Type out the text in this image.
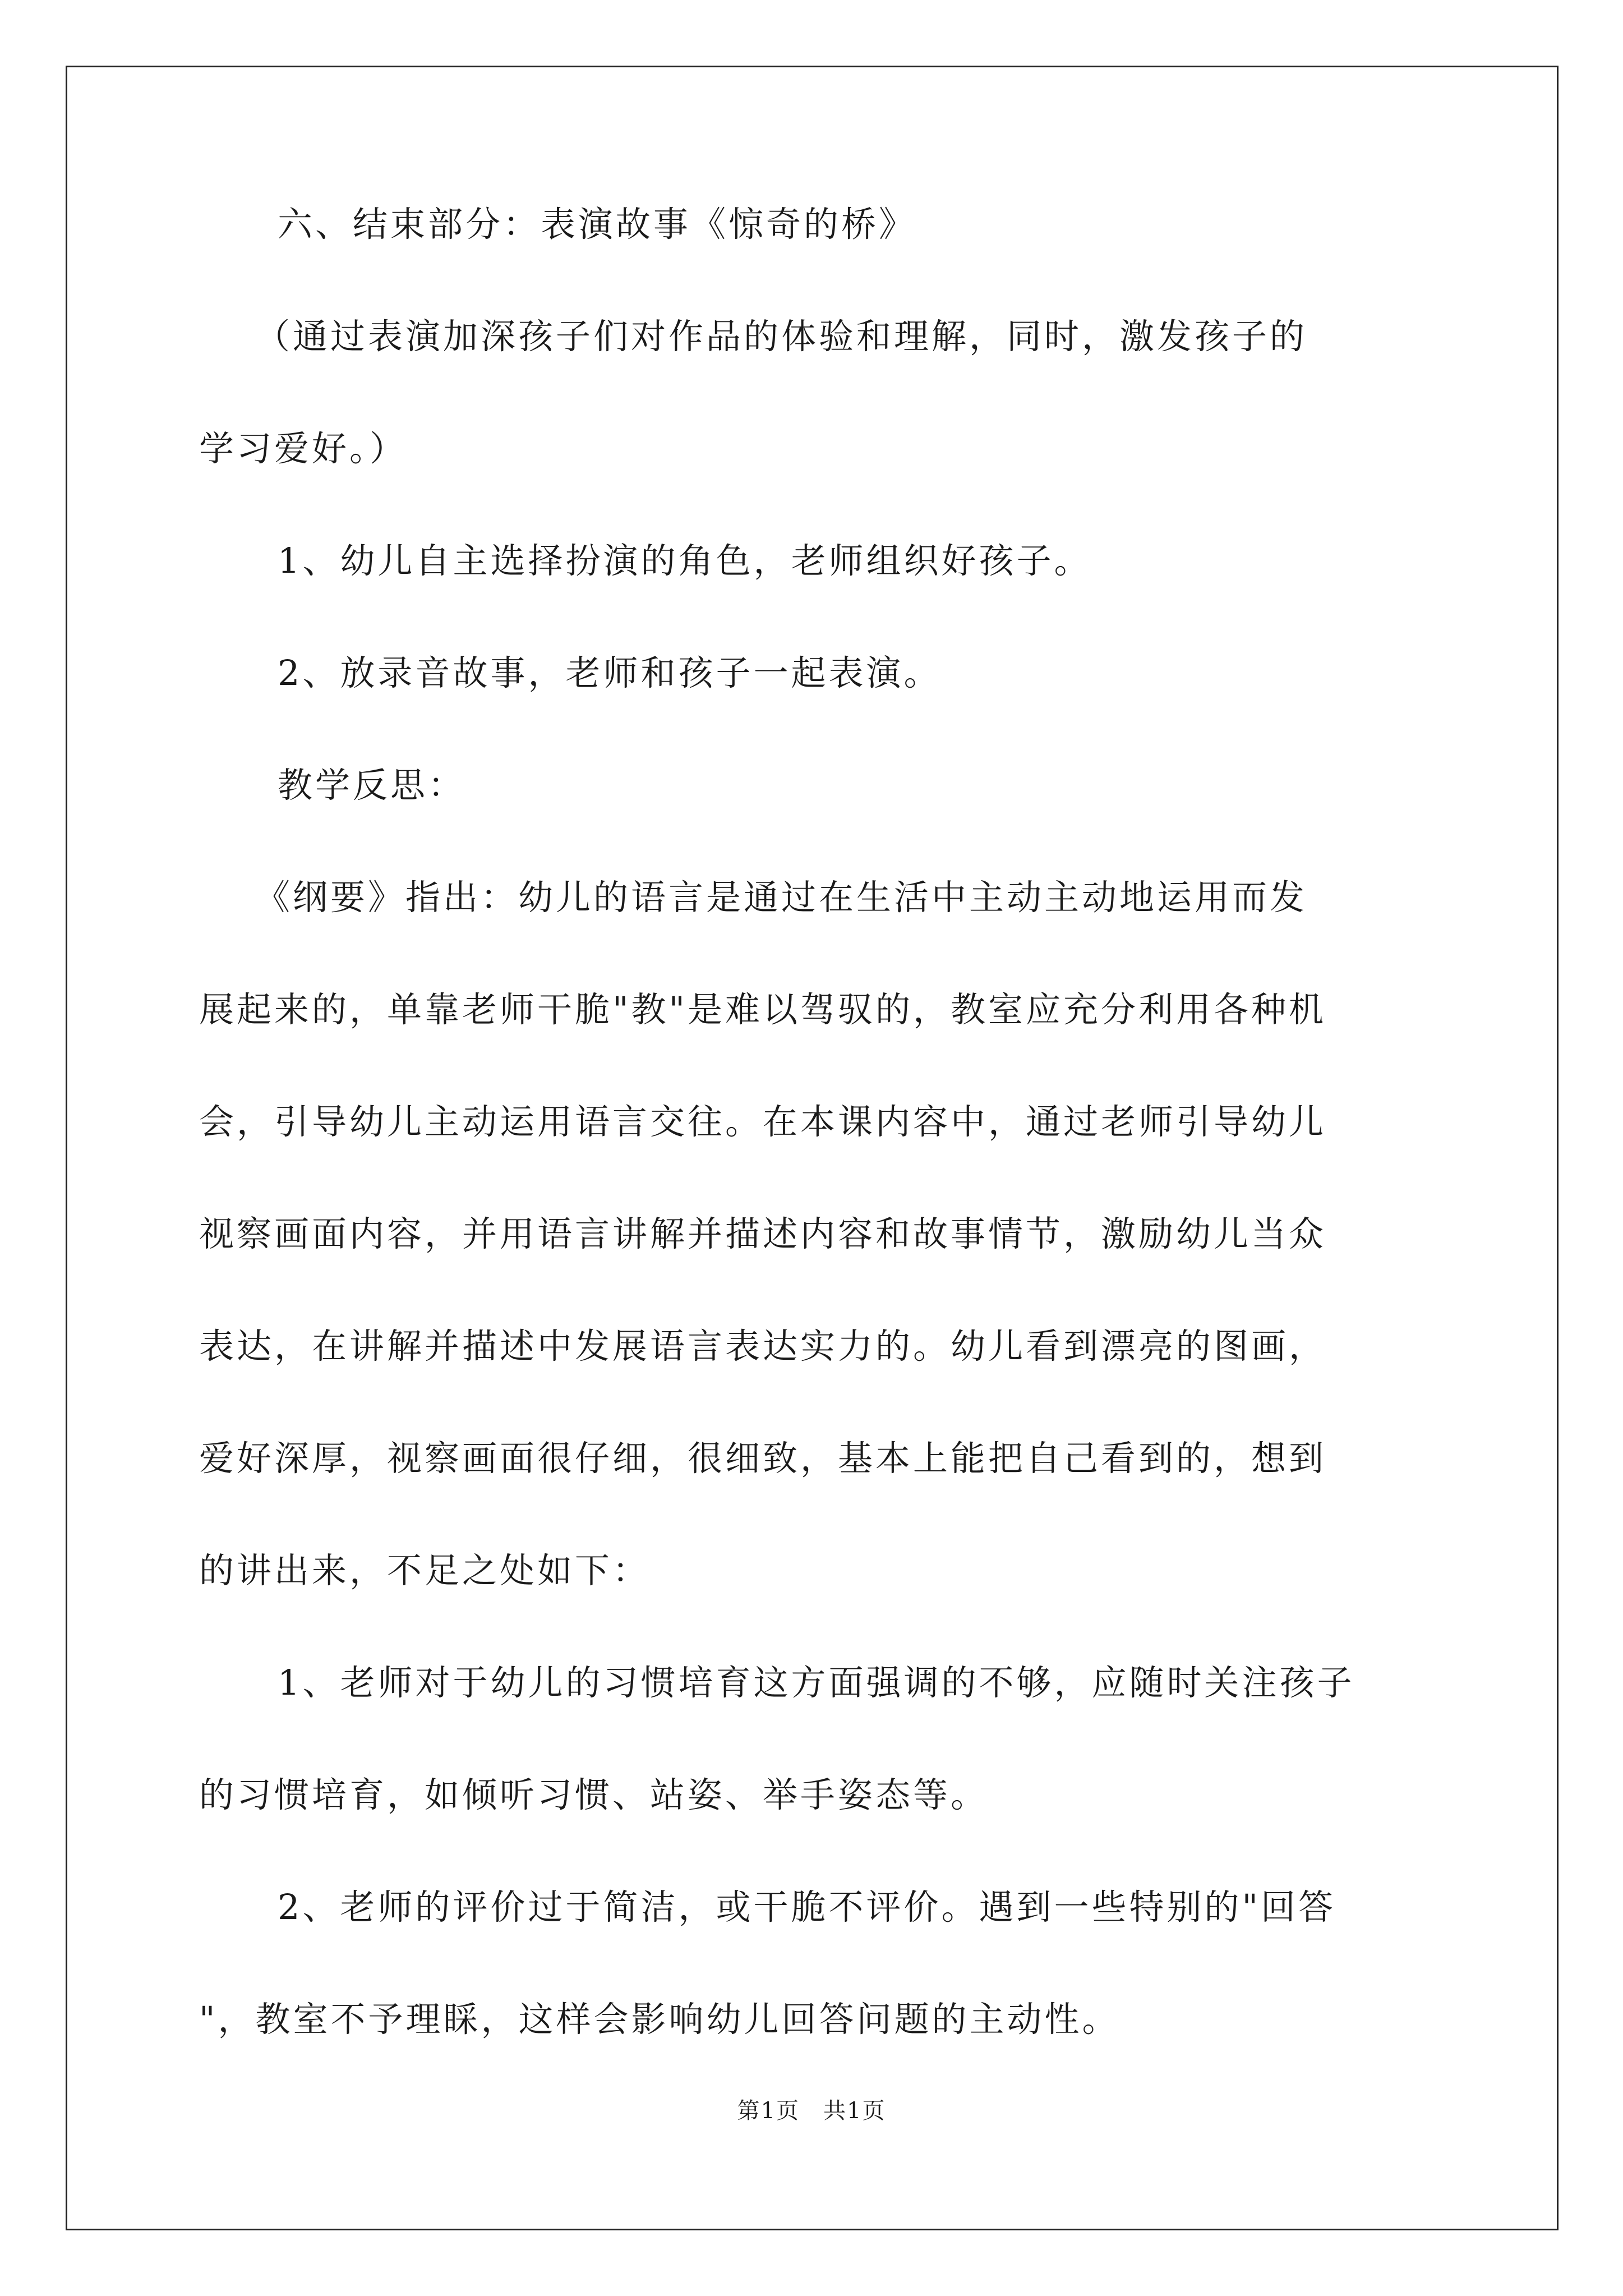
六、结束部分：表演故事《惊奇的桥》
（通过表演加深孩子们对作品的体验和理解，同时，激发孩子的
学习爱好。）
1、幼儿自主选择扮演的角色，老师组织好孩子。
2、放录音故事，老师和孩子一起表演。
教学反思：
《纲要》指出：幼儿的语言是通过在生活中主动主动地运用而发
展起来的，单靠老师干脆"教"是难以驾驭的，教室应充分利用各种机
会，引导幼儿主动运用语言交往。在本课内容中，通过老师引导幼儿
视察画面内容，并用语言讲解并描述内容和故事情节，激励幼儿当众
表达，在讲解并描述中发展语言表达实力的。幼儿看到漂亮的图画，
爱好深厚，视察画面很仔细，很细致，基本上能把自己看到的，想到
的讲出来，不足之处如下：
1、老师对于幼儿的习惯培育这方面强调的不够，应随时关注孩子
的习惯培育，如倾听习惯、站姿、举手姿态等。
2、老师的评价过于简洁，或干脆不评价。遇到一些特别的"回答
"，教室不予理睬，这样会影响幼儿回答问题的主动性。
第1页　共1页
